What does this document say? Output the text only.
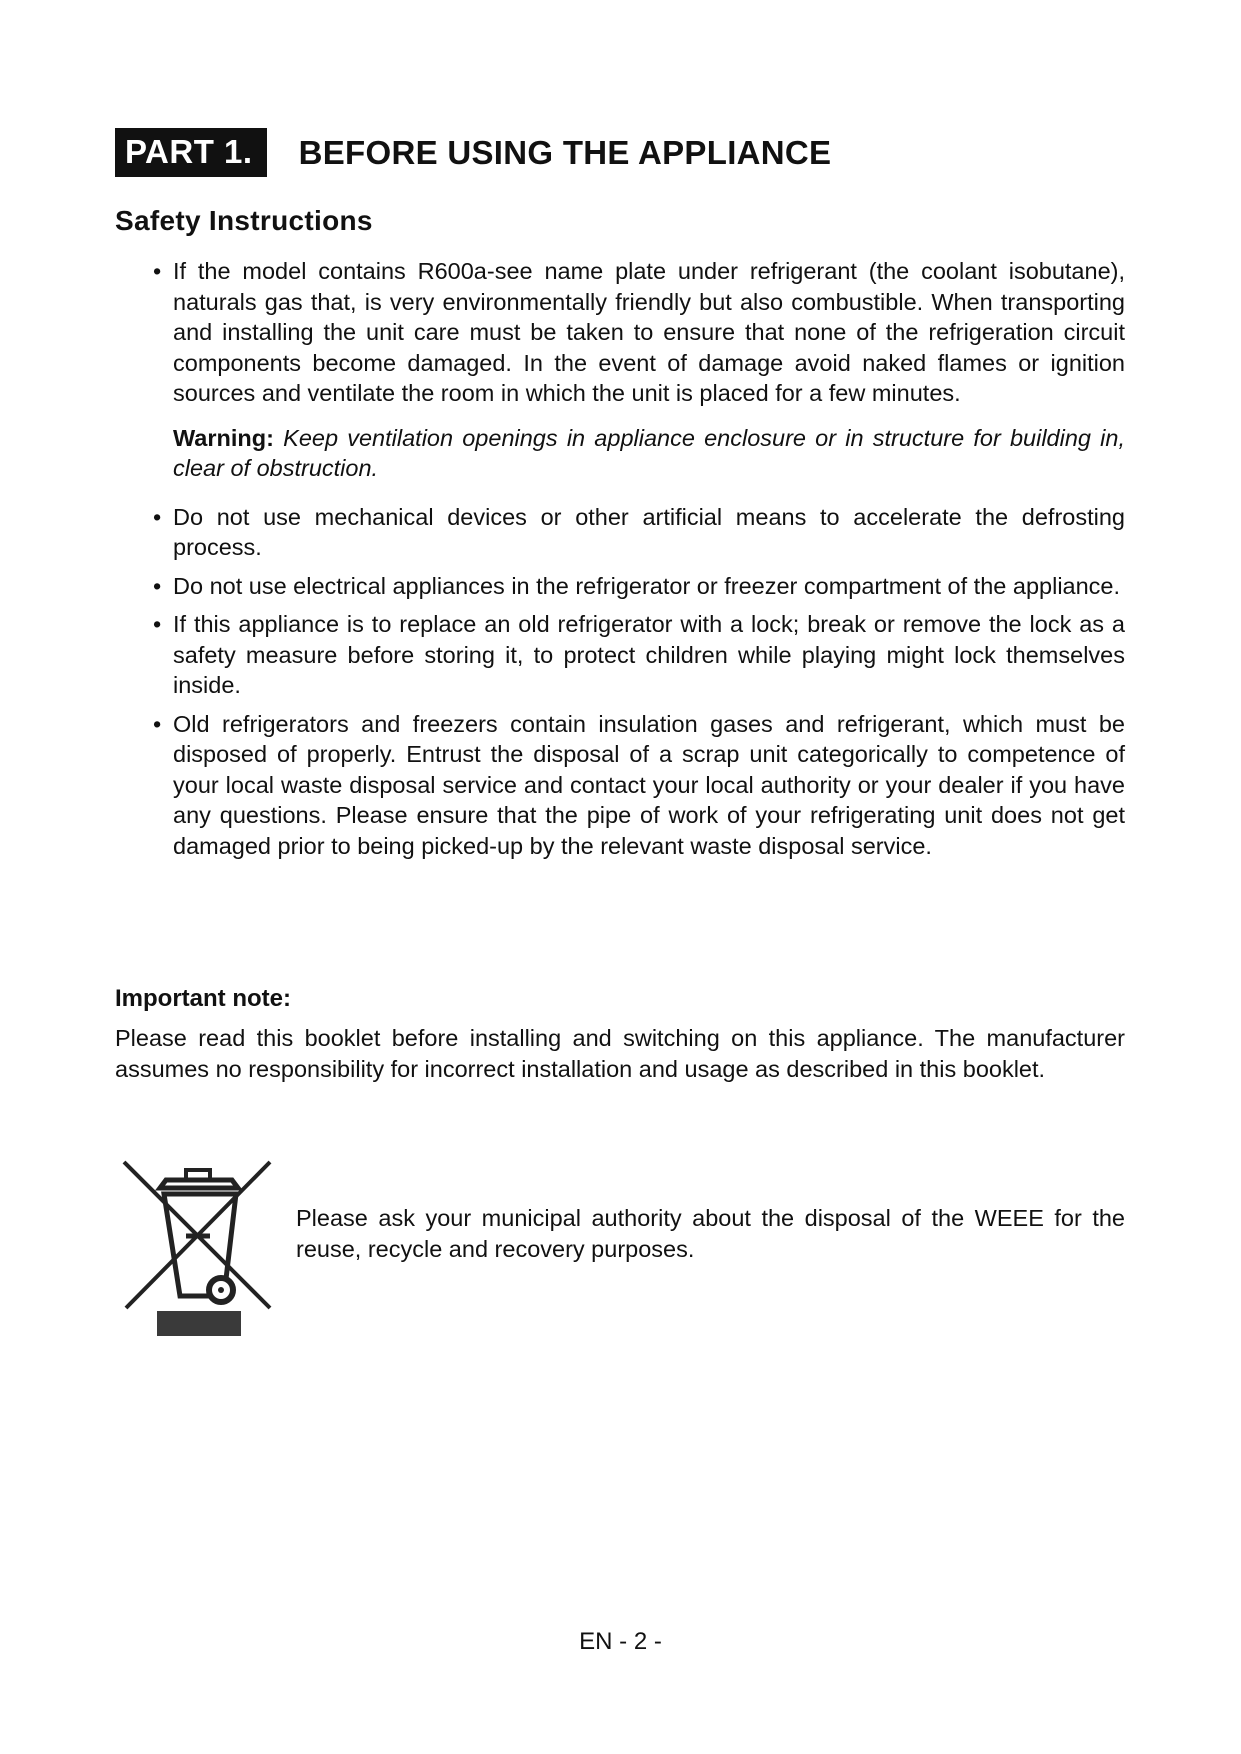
PART 1.	BEFORE USING THE APPLIANCE
Safety Instructions
• If the model contains R600a-see name plate under refrigerant (the coolant isobutane), naturals gas that, is very environmentally friendly but also combustible. When transporting and installing the unit care must be taken to ensure that none of the refrigeration circuit components become damaged. In the event of damage avoid naked flames or ignition sources and ventilate the room in which the unit is placed for a few minutes.
Warning: Keep ventilation openings in appliance enclosure or in structure for building in, clear of obstruction.
• Do not use mechanical devices or other artificial means to accelerate the defrosting process.
• Do not use electrical appliances in the refrigerator or freezer compartment of the appliance.
• If this appliance is to replace an old refrigerator with a lock; break or remove the lock as a safety measure before storing it, to protect children while playing might lock themselves inside.
• Old refrigerators and freezers contain insulation gases and refrigerant, which must be disposed of properly. Entrust the disposal of a scrap unit categorically to competence of your local waste disposal service and contact your local authority or your dealer if you have any questions. Please ensure that the pipe of work of your refrigerating unit does not get damaged prior to being picked-up by the relevant waste disposal service.
Important note:
Please read this booklet before installing and switching on this appliance. The manufacturer assumes no responsibility for incorrect installation and usage as described in this booklet.
Please ask your municipal authority about the disposal of the WEEE for the reuse, recycle and recovery purposes.
EN - 2 -
